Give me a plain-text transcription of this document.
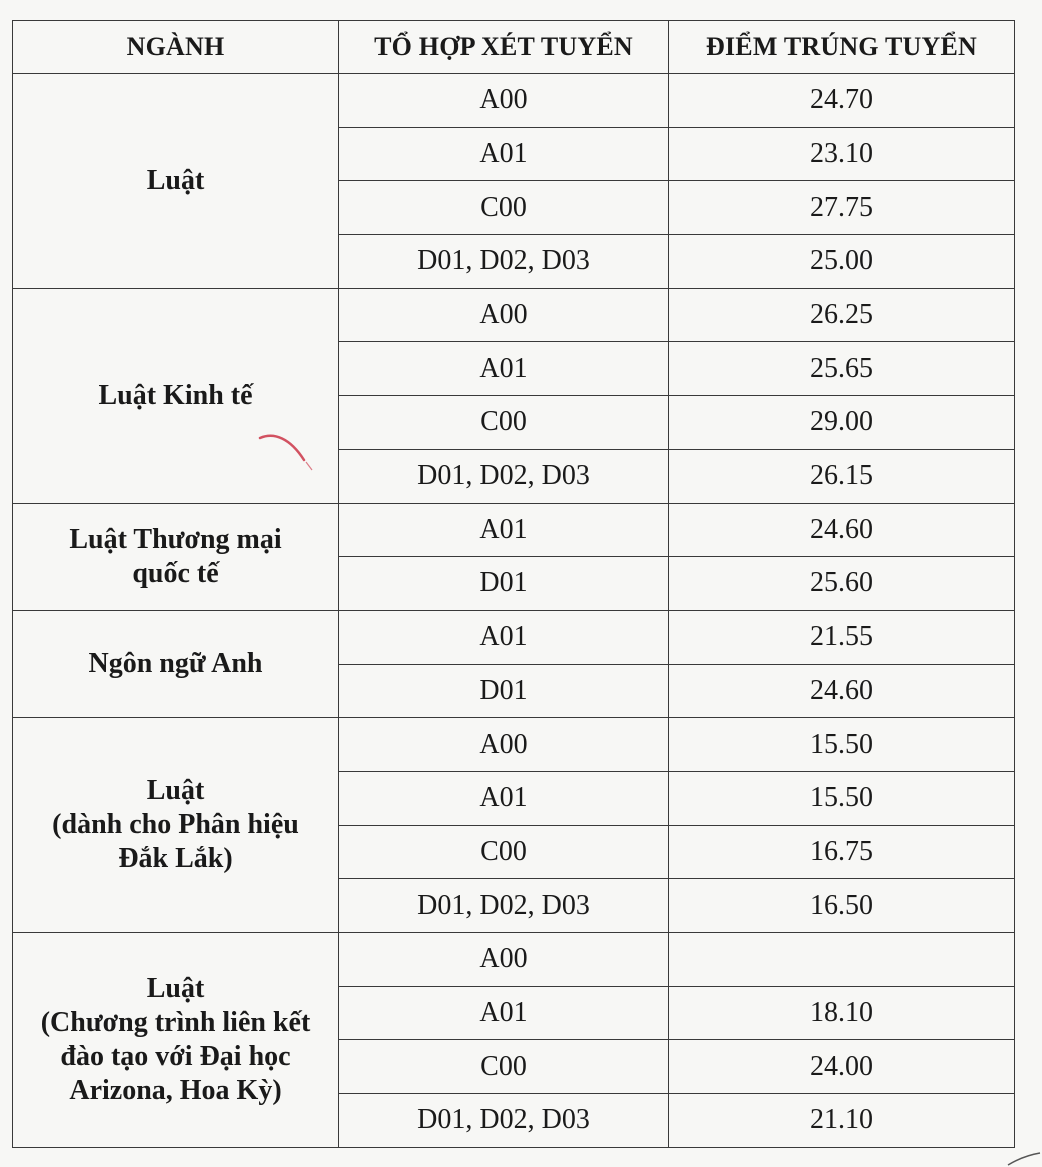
NGÀNH	TỔ HỢP XÉT TUYỂN	ĐIỂM TRÚNG TUYỂN
Luật	A00	24.70
	A01	23.10
	C00	27.75
	D01, D02, D03	25.00
Luật Kinh tế	A00	26.25
	A01	25.65
	C00	29.00
	D01, D02, D03	26.15
Luật Thương mại
quốc tế	A01	24.60
	D01	25.60
Ngôn ngữ Anh	A01	21.55
	D01	24.60
Luật
(dành cho Phân hiệu
Đắk Lắk)	A00	15.50
	A01	15.50
	C00	16.75
	D01, D02, D03	16.50
Luật
(Chương trình liên kết
đào tạo với Đại học
Arizona, Hoa Kỳ)	A00	
	A01	18.10
	C00	24.00
	D01, D02, D03	21.10
